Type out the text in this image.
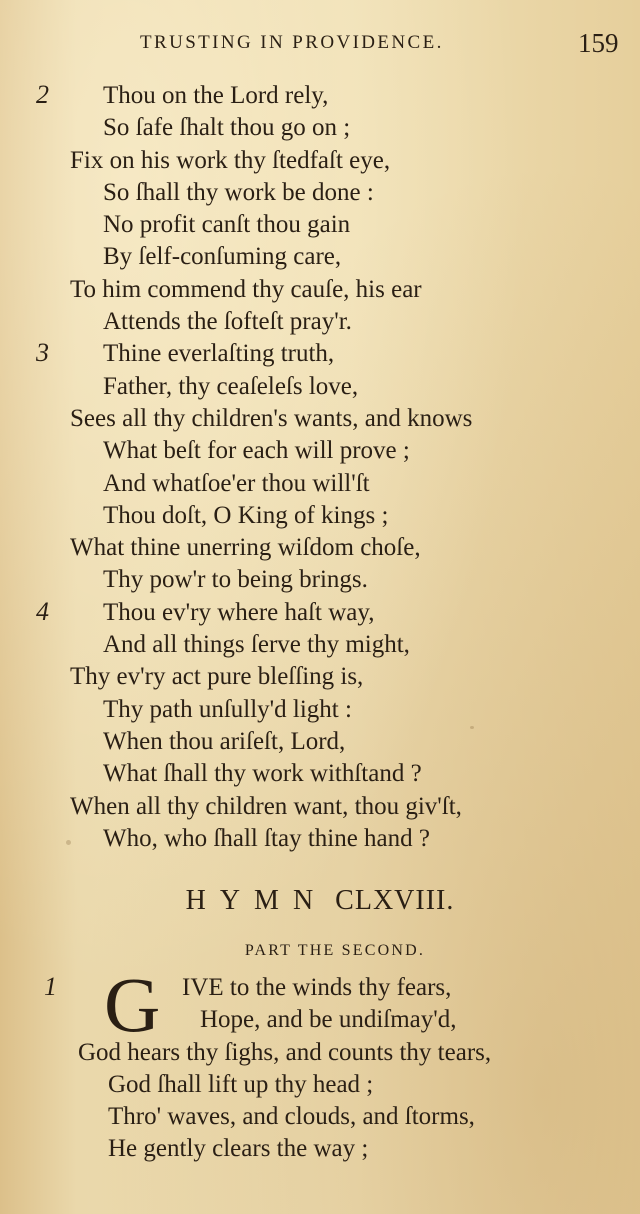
TRUSTING IN PROVIDENCE.	159
2	Thou on the Lord rely,
So ſafe ſhalt thou go on ;
Fix on his work thy ſtedfaſt eye,
So ſhall thy work be done :
No profit canſt thou gain
By ſelf-conſuming care,
To him commend thy cauſe, his ear
Attends the ſofteſt pray'r.
3	Thine everlaſting truth,
Father, thy ceaſeleſs love,
Sees all thy children's wants, and knows
What beſt for each will prove ;
And whatſoe'er thou will'ſt
Thou doſt, O King of kings ;
What thine unerring wiſdom choſe,
Thy pow'r to being brings.
4	Thou ev'ry where haſt way,
And all things ſerve thy might,
Thy ev'ry act pure bleſſing is,
Thy path unſully'd light :
When thou ariſeſt, Lord,
What ſhall thy work withſtand ?
When all thy children want, thou giv'ſt,
Who, who ſhall ſtay thine hand ?
HYMN CLXVIII.
PART THE SECOND.
1 G IVE to the winds thy fears,
Hope, and be undiſmay'd,
God hears thy ſighs, and counts thy tears,
God ſhall lift up thy head ;
Thro' waves, and clouds, and ſtorms,
He gently clears the way ;
